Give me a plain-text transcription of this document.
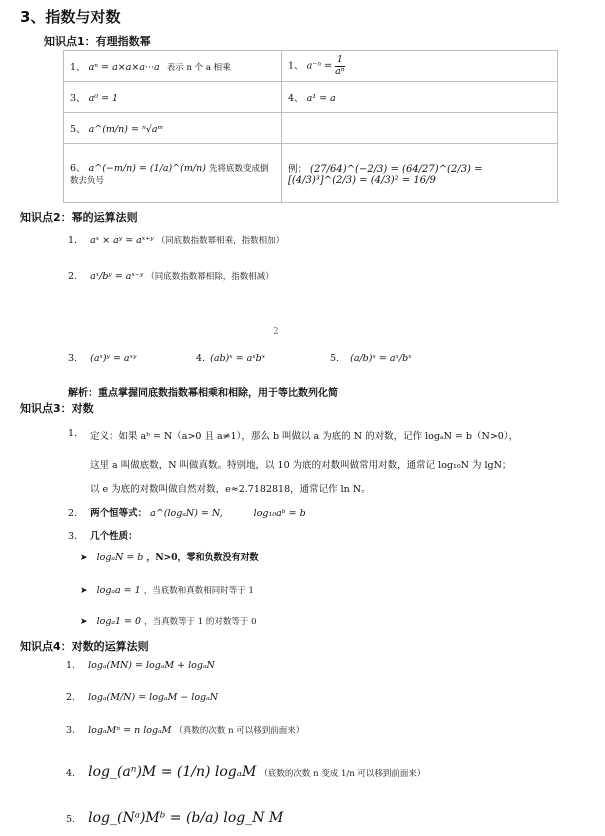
3、指数与对数
知识点1：有理指数幂
1、 aⁿ = a×a×a···a 表示 n 个 a 相乘	1、 $a^{-n} = \frac{1}{\text{aⁿ}}$

3、 a⁰ = 1	4、 a¹ = a
5、 a^(m/n) = ⁿ√aᵐ	
6、 a^(−m/n) = (1/a)^(m/n) 先将底数变成倒数去负号	例： (27/64)^(−2/3) = (64/27)^(2/3) = [(4/3)³]^(2/3) = (4/3)² = 16/9
知识点2：幂的运算法则
1. aˣ × aʸ = aˣ⁺ʸ （同底数指数幂相乘，指数相加）
2. aˣ/bʸ = aˣ⁻ʸ （同底数指数幂相除，指数相减）
2
3. (aˣ)ʸ = aˣʸ	4. (ab)ˣ = aˣbˣ	5. (a/b)ˣ = aˣ/bˣ
解析：重点掌握同底数指数幂相乘和相除，用于等比数列化简
知识点3：对数
1. 定义：如果 aᵇ = N（a>0 且 a≠1），那么 b 叫做以 a 为底的 N 的对数，记作 logₐN = b（N>0），
这里 a 叫做底数，N 叫做真数。特别地，以 10 为底的对数叫做常用对数，通常记 log₁₀N 为 lgN；
以 e 为底的对数叫做自然对数，e≈2.7182818，通常记作 ln N。
2. 两个恒等式： a^(logₐN) = N,	log₁₀aᵇ = b
3. 几个性质：
➤ logₐN = b ，N>0，零和负数没有对数
➤ logₐa = 1 ，当底数和真数相同时等于 1
➤ logₐ1 = 0 ，当真数等于 1 的对数等于 0
知识点4：对数的运算法则
1. logₐ(MN) = logₐM + logₐN
2. logₐ(M/N) = logₐM − logₐN
3. logₐMⁿ = n logₐM （真数的次数 n 可以移到前面来）
4. log_(aⁿ)M = (1/n) logₐM （底数的次数 n 变成 1/n 可以移到前面来）
5. log_(Nᵃ)Mᵇ = (b/a) log_N M
